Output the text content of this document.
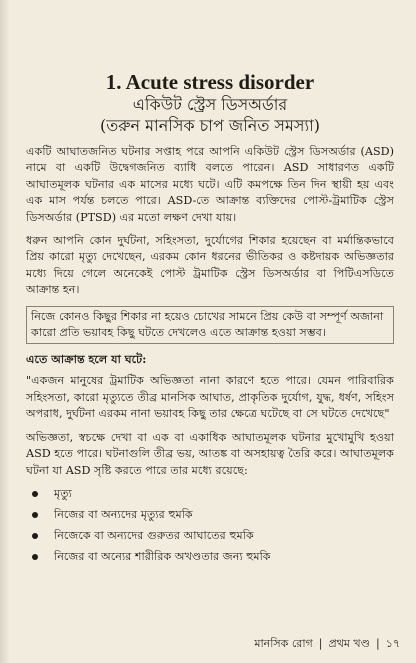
1. Acute stress disorder
একিউট স্ট্রেস ডিসঅর্ডার
(তরুন মানসিক চাপ জনিত সমস্যা)

একটি আঘাতজনিত ঘটনার সপ্তাহ পরে আপনি একিউট স্ট্রেস ডিসঅর্ডার (ASD) নামে বা একটি উদ্বেগজনিত ব্যাধি বলতে পারেন। ASD সাধারণত একটি আঘাতমূলক ঘটনার এক মাসের মধ্যে ঘটে। এটি কমপক্ষে তিন দিন স্থায়ী হয় এবং এক মাস পর্যন্ত চলতে পারে। ASD-তে আক্রান্ত ব্যক্তিদের পোস্ট-ট্রমাটিক স্ট্রেস ডিসঅর্ডার (PTSD) এর মতো লক্ষণ দেখা যায়।

ধরুন আপনি কোন দুর্ঘটনা, সহিংসতা, দুর্যোগের শিকার হয়েছেন বা মর্মান্তিকভাবে প্রিয় কারো মৃত্যু দেখেছেন, এরকম কোন ধরনের ভীতিকর ও কষ্টদায়ক অভিজ্ঞতার মধ্যে দিয়ে গেলে অনেকেই পোস্ট ট্রমাটিক স্ট্রেস ডিসঅর্ডার বা পিটিএসডিতে আক্রান্ত হন।

নিজে কোনও কিছুর শিকার না হয়েও চোখের সামনে প্রিয় কেউ বা সম্পূর্ণ অজানা কারো প্রতি ভয়াবহ কিছু ঘটতে দেখলেও এতে আক্রান্ত হওয়া সম্ভব।
এতে আক্রান্ত হলে যা ঘটে:

"একজন মানুষের ট্রমাটিক অভিজ্ঞতা নানা কারণে হতে পারে। যেমন পারিবারিক সহিংসতা, কারো মৃত্যুতে তীব্র মানসিক আঘাত, প্রাকৃতিক দুর্যোগ, যুদ্ধ, ধর্ষণ, সহিংস অপরাধ, দুর্ঘটনা এরকম নানা ভয়াবহ কিছু তার ক্ষেত্রে ঘটেছে বা সে ঘটতে দেখেছে"

অভিজ্ঞতা, স্বচক্ষে দেখা বা এক বা একাধিক আঘাতমূলক ঘটনার মুখোমুখি হওয়া ASD হতে পারে। ঘটনাগুলি তীব্র ভয়, আতঙ্ক বা অসহায়ত্ব তৈরি করে। আঘাতমূলক ঘটনা যা ASD সৃষ্টি করতে পারে তার মধ্যে রয়েছে:

মৃত্যু
নিজের বা অন্যদের মৃত্যুর হুমকি
নিজেকে বা অন্যদের গুরুতর আঘাতের হুমকি
নিজের বা অন্যের শারীরিক অখণ্ডতার জন্য হুমকি
মানসিক রোগ | প্রথম খণ্ড | ১৭
